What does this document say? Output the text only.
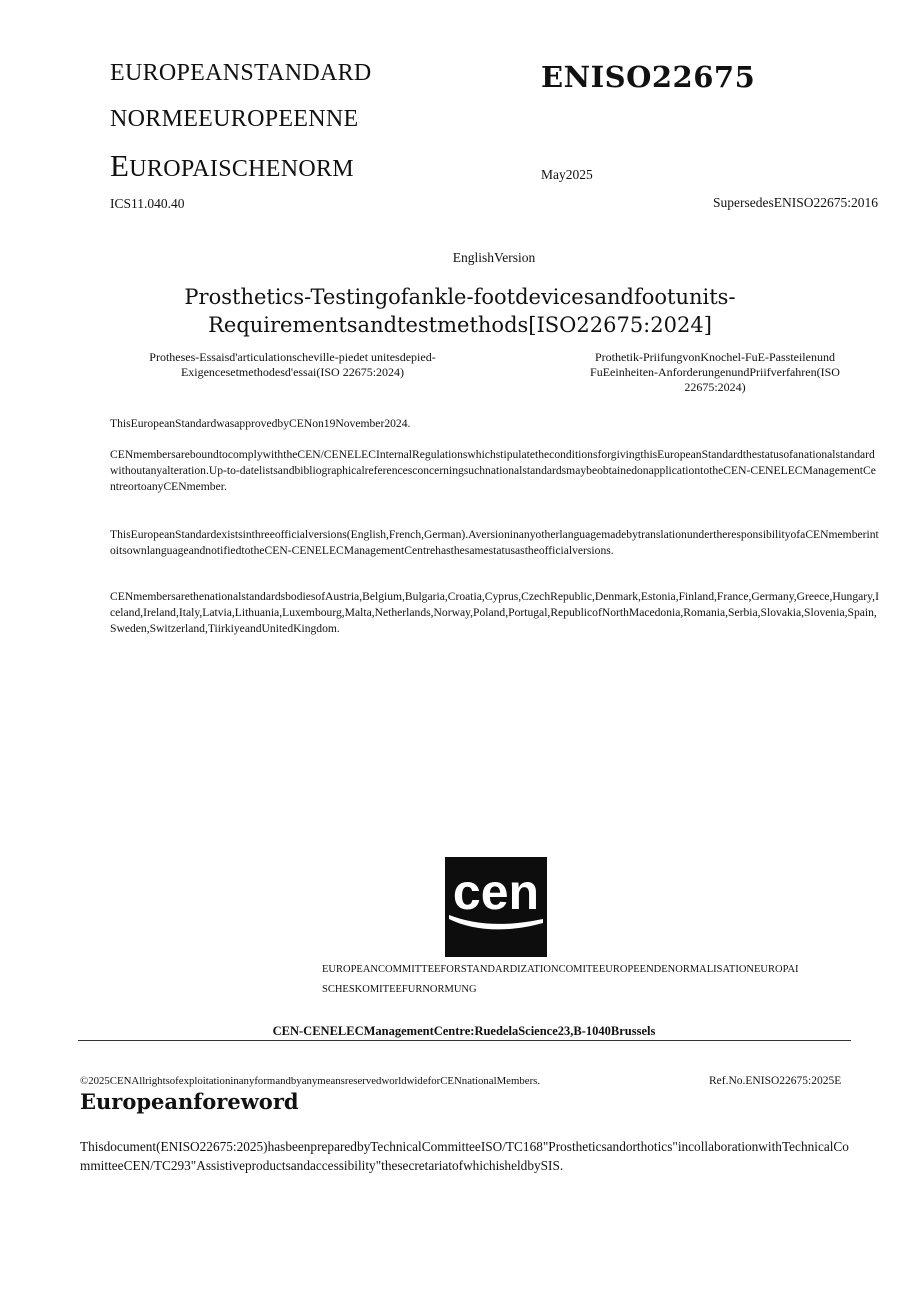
EUROPEANSTANDARD
NORMEEUROPEENNE
EUROPAISCHENORM
ENISO22675
May2025
ICS11.040.40	SupersedesENISO22675:2016
EnglishVersion
Prosthetics-Testingofankle-footdevicesandfootunits-
Requirementsandtestmethods[ISO22675:2024]
Protheses-Essaisd'articulationscheville-piedet unitesdepied-Exigencesetmethodesd'essai(ISO 22675:2024)
Prothetik-PriifungvonKnochel-FuE-Passteilenund FuEeinheiten-AnforderungenundPriifverfahren(ISO 22675:2024)
ThisEuropeanStandardwasapprovedbyCENon19November2024.
CENmembersareboundtocomplywiththeCEN/CENELECInternalRegulationswhichstipulatetheconditionsforgivingthisEuropeanStandardthestatusofanationalstandardwithoutanyalteration.Up-to-datelistsandbibliographicalreferencesconcerningsuchnationalstandardsmaybeobtainedonapplicationtotheCEN-CENELECManagementCentreortoanyCENmember.
ThisEuropeanStandardexistsinthreeofficialversions(English,French,German).AversioninanyotherlanguagemadebytranslationundertheresponsibilityofaCENmemberintoitsownlanguageandnotifiedtotheCEN-CENELECManagementCentrehasthesamestatusastheofficialversions.
CENmembersarethenationalstandardsbodiesofAustria,Belgium,Bulgaria,Croatia,Cyprus,CzechRepublic,Denmark,Estonia,Finland,France,Germany,Greece,Hungary,Iceland,Ireland,Italy,Latvia,Lithuania,Luxembourg,Malta,Netherlands,Norway,Poland,Portugal,RepublicofNorthMacedonia,Romania,Serbia,Slovakia,Slovenia,Spain,Sweden,Switzerland,TiirkiyeandUnitedKingdom.
cen
EUROPEANCOMMITTEEFORSTANDARDIZATIONCOMITEEUROPEENDENORMALISATIONEUROPAI
SCHESKOMITEEFURNORMUNG
CEN-CENELECManagementCentre:RuedelaScience23,B-1040Brussels
©2025CENAllrightsofexploitationinanyformandbyanymeansreservedworldwideforCENnationalMembers.	Ref.No.ENISO22675:2025E
Europeanforeword
Thisdocument(ENISO22675:2025)hasbeenpreparedbyTechnicalCommitteeISO/TC168"Prostheticsandorthotics"incollaborationwithTechnicalCommitteeCEN/TC293"Assistiveproductsandaccessibility"thesecretariatofwhichisheldbySIS.
